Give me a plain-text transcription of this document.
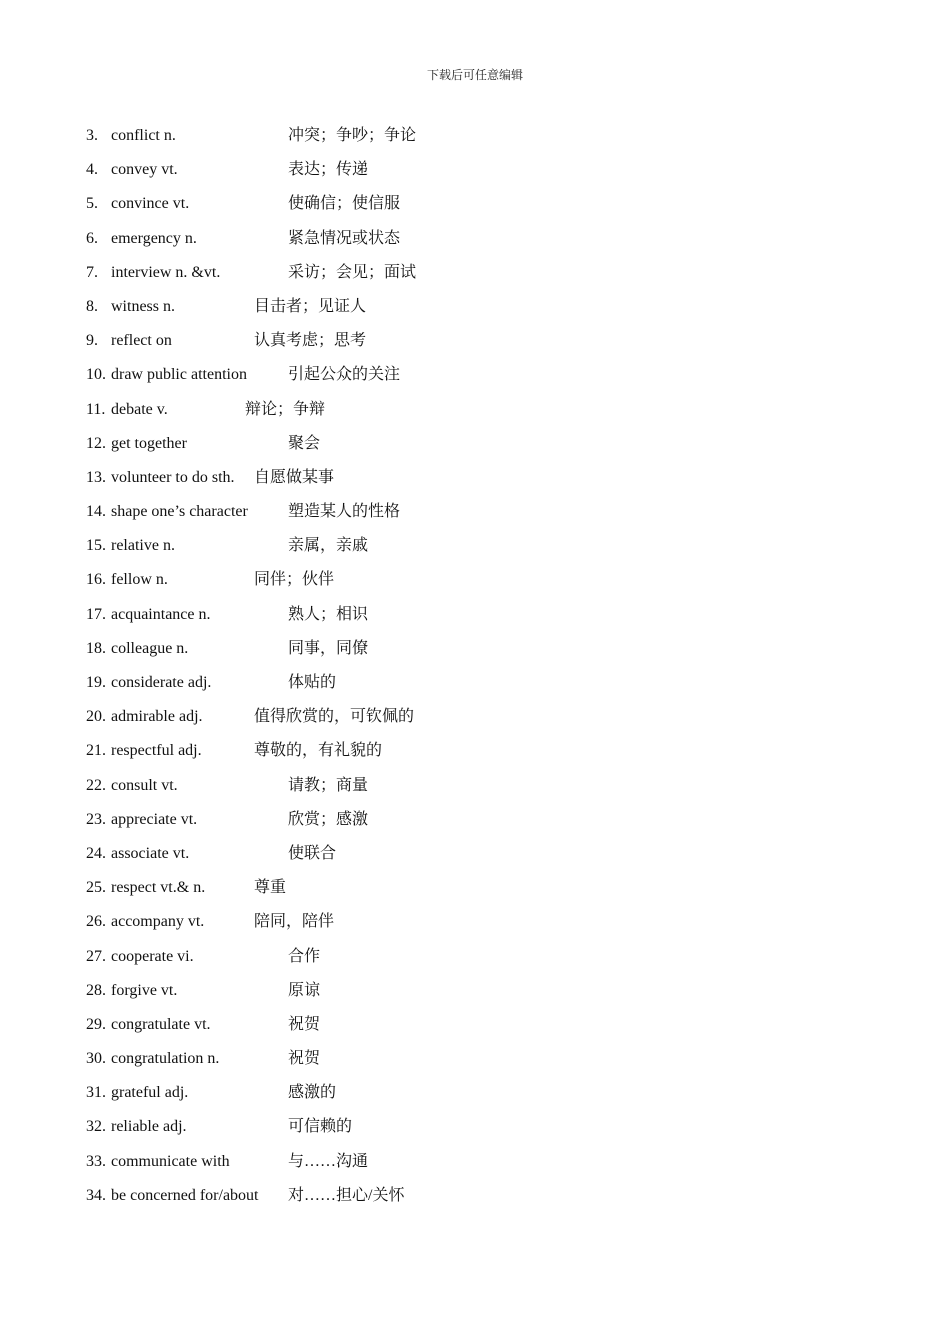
下载后可任意编辑
3. conflict n.	冲突；争吵；争论
4. convey vt.	表达；传递
5. convince vt.	使确信；使信服
6. emergency n.	紧急情况或状态
7. interview n. &vt.	采访；会见；面试
8. witness n.	目击者；见证人
9. reflect on	认真考虑；思考
10. draw public attention	引起公众的关注
11. debate v.	辩论；争辩
12. get together	聚会
13. volunteer to do sth. 自愿做某事
14. shape one’s character	塑造某人的性格
15. relative n.	亲属，亲戚
16. fellow n.	同伴；伙伴
17. acquaintance n.	熟人；相识
18. colleague n.	同事，同僚
19. considerate adj.	体贴的
20. admirable adj.	值得欣赏的，可钦佩的
21. respectful adj.	尊敬的，有礼貌的
22. consult vt.	请教；商量
23. appreciate vt.	欣赏；感激
24. associate vt.	使联合
25. respect vt.& n.	尊重
26. accompany vt.	陪同，陪伴
27. cooperate vi.	合作
28. forgive vt.	原谅
29. congratulate vt.	祝贺
30. congratulation n.	祝贺
31. grateful adj.	感激的
32. reliable adj.	可信赖的
33. communicate with	与……沟通
34. be concerned for/about 对……担心/关怀
